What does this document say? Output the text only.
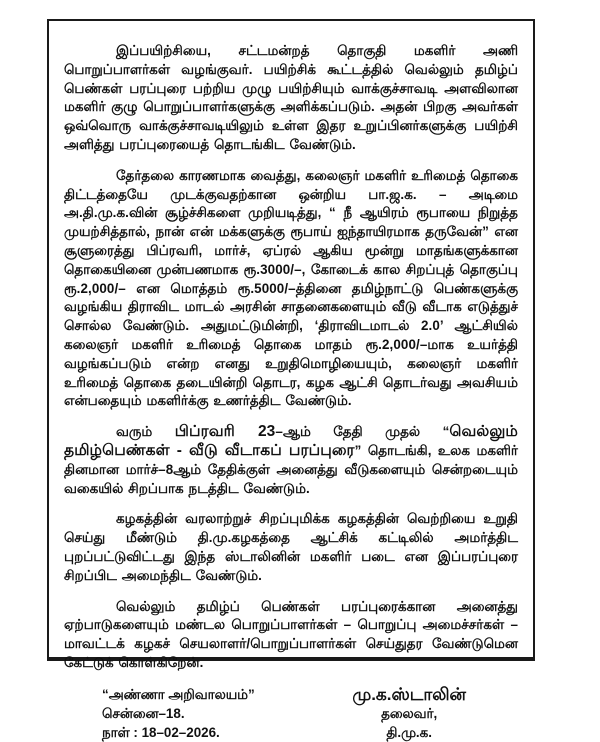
இப்பயிற்சியை, சட்டமன்றத் தொகுதி மகளிர் அணி பொறுப்பாளர்கள் வழங்குவர். பயிற்சிக் கூட்டத்தில் வெல்லும் தமிழ்ப் பெண்கள் பரப்புரை பற்றிய முழு பயிற்சியும் வாக்குச்சாவடி அளவிலான மகளிர் குழு பொறுப்பாளர்களுக்கு அளிக்கப்படும். அதன் பிறகு அவர்கள் ஒவ்வொரு வாக்குச்சாவடியிலும் உள்ள இதர உறுப்பினர்களுக்கு பயிற்சி அளித்து பரப்புரையைத் தொடங்கிட வேண்டும்.

தேர்தலை காரணமாக வைத்து, கலைஞர் மகளிர் உரிமைத் தொகை திட்டத்தையே முடக்குவதற்கான ஒன்றிய பா.ஜ.க. – அடிமை அ.தி.மு.க.வின் சூழ்ச்சிகளை முறியடித்து, “ நீ ஆயிரம் ரூபாயை நிறுத்த முயற்சித்தால், நான் என் மக்களுக்கு ரூபாய் ஐந்தாயிரமாக தருவேன்” என சூளுரைத்து பிப்ரவரி, மார்ச், ஏப்ரல் ஆகிய மூன்று மாதங்களுக்கான தொகையினை முன்பணமாக ரூ.3000/–, கோடைக் கால சிறப்புத் தொகுப்பு ரூ.2,000/– என மொத்தம் ரூ.5000/–த்தினை தமிழ்நாட்டு பெண்களுக்கு வழங்கிய திராவிட மாடல் அரசின் சாதனைகளையும் வீடு வீடாக எடுத்துச் சொல்ல வேண்டும். அதுமட்டுமின்றி, ‘திராவிடமாடல் 2.0’ ஆட்சியில் கலைஞர் மகளிர் உரிமைத் தொகை மாதம் ரூ.2,000/–மாக உயர்த்தி வழங்கப்படும் என்ற எனது உறுதிமொழியையும், கலைஞர் மகளிர் உரிமைத் தொகை தடையின்றி தொடர, கழக ஆட்சி தொடர்வது அவசியம் என்பதையும் மகளிர்க்கு உணர்த்திட வேண்டும்.

வரும் பிப்ரவரி 23–ஆம் தேதி முதல் “வெல்லும் தமிழ்பெண்கள் - வீடு வீடாகப் பரப்புரை” தொடங்கி, உலக மகளிர் தினமான மார்ச்–8ஆம் தேதிக்குள் அனைத்து வீடுகளையும் சென்றடையும் வகையில் சிறப்பாக நடத்திட வேண்டும்.

கழகத்தின் வரலாற்றுச் சிறப்புமிக்க கழகத்தின் வெற்றியை உறுதி செய்து மீண்டும் தி.மு.கழகத்தை ஆட்சிக் கட்டிலில் அமர்த்திட புறப்பட்டுவிட்டது இந்த ஸ்டாலினின் மகளிர் படை என இப்பரப்புரை சிறப்பிட அமைந்திட வேண்டும்.

வெல்லும் தமிழ்ப் பெண்கள் பரப்புரைக்கான அனைத்து ஏற்பாடுகளையும் மண்டல பொறுப்பாளர்கள் – பொறுப்பு அமைச்சர்கள் – மாவட்டக் கழகச் செயலாளர்/பொறுப்பாளர்கள் செய்துதர வேண்டுமென கேட்டுக் கொள்கிறேன்.

“அண்ணா அறிவாலயம்”
சென்னை–18.
நாள் : 18–02–2026.
மு.க.ஸ்டாலின்
தலைவர்,
தி.மு.க.
